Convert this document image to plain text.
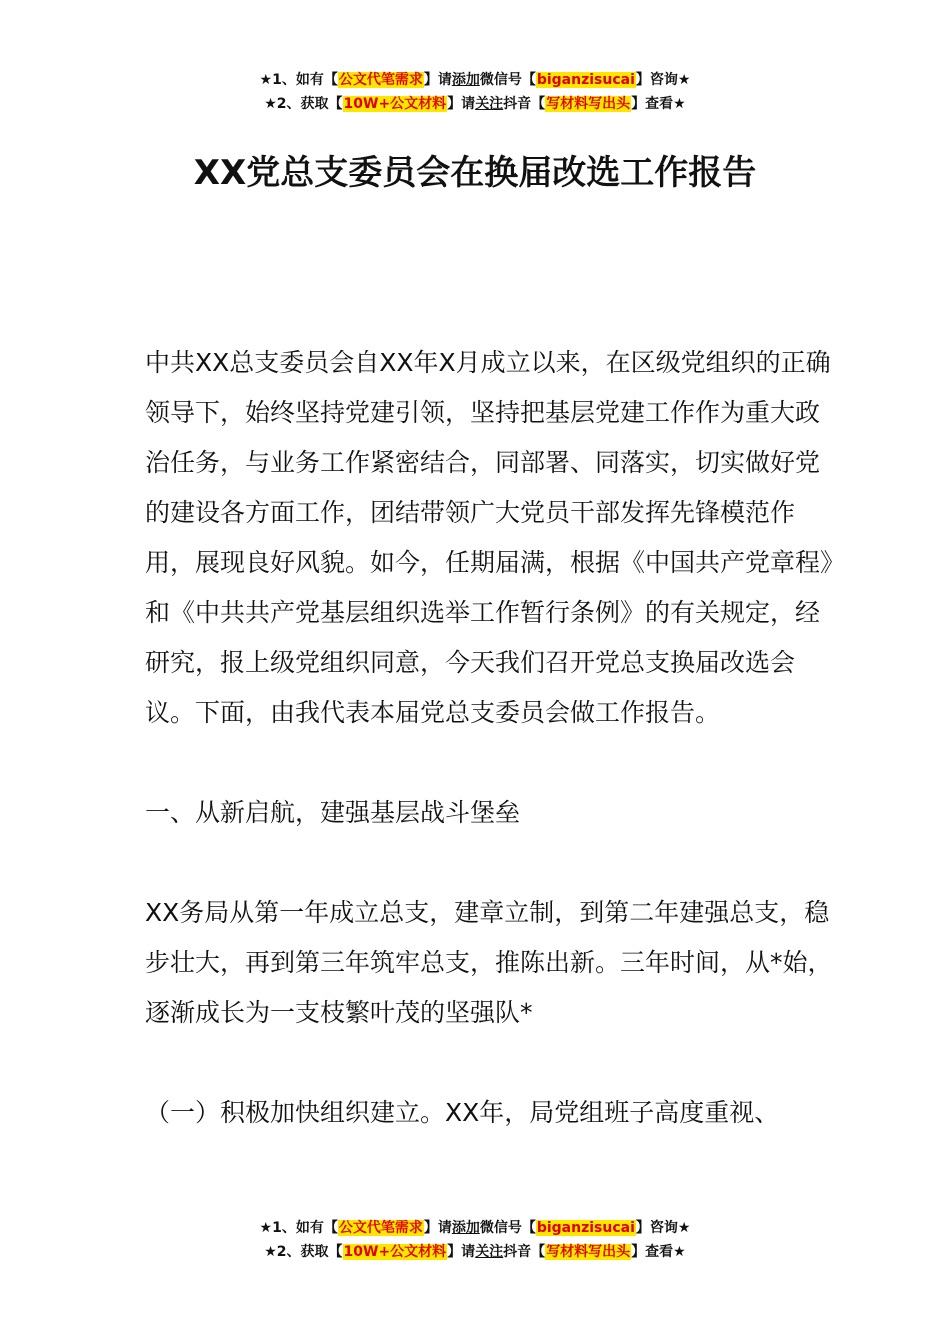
★1、如有【公文代笔需求】请添加微信号【biganzisucai】咨询★
★2、获取【10W+公文材料】请关注抖音【写材料写出头】查看★
XX党总支委员会在换届改选工作报告

中共XX总支委员会自XX年X月成立以来，在区级党组织的正确领导下，始终坚持党建引领，坚持把基层党建工作作为重大政治任务，与业务工作紧密结合，同部署、同落实，切实做好党的建设各方面工作，团结带领广大党员干部发挥先锋模范作用，展现良好风貌。如今，任期届满，根据《中国共产党章程》和《中共共产党基层组织选举工作暂行条例》的有关规定，经研究，报上级党组织同意，今天我们召开党总支换届改选会议。下面，由我代表本届党总支委员会做工作报告。

一、从新启航，建强基层战斗堡垒

XX务局从第一年成立总支，建章立制，到第二年建强总支，稳步壮大，再到第三年筑牢总支，推陈出新。三年时间，从*始，逐渐成长为一支枝繁叶茂的坚强队*

（一）积极加快组织建立。XX年，局党组班子高度重视、

★1、如有【公文代笔需求】请添加微信号【biganzisucai】咨询★
★2、获取【10W+公文材料】请关注抖音【写材料写出头】查看★
